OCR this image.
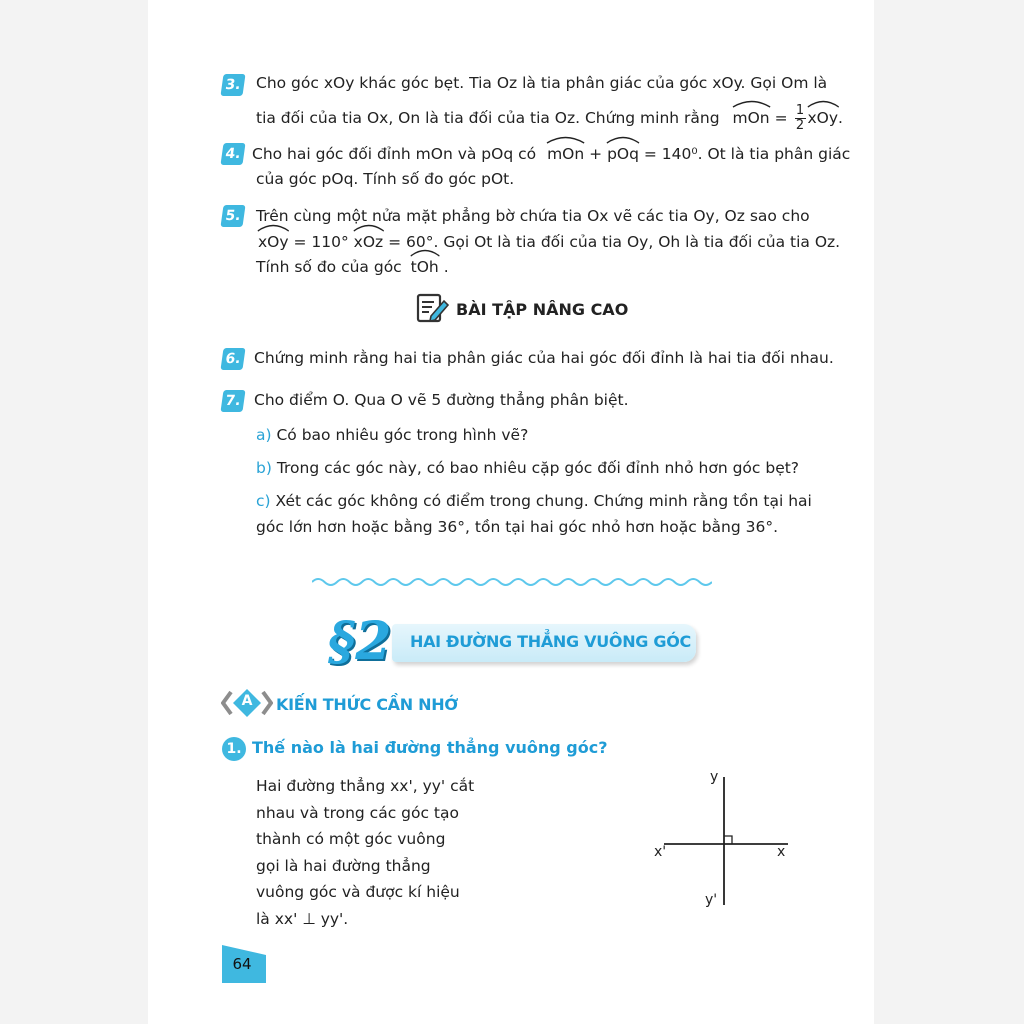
3. Cho góc xOy khác góc bẹt. Tia Oz là tia phân giác của góc xOy. Gọi Om là
tia đối của tia Ox, On là tia đối của tia Oz. Chứng minh rằng mOn = $\frac{1}{2}$ xOy.
4. Cho hai góc đối đỉnh mOn và pOq có mOn + pOq = 140⁰. Ot là tia phân giác
của góc pOq. Tính số đo góc pOt.
5. Trên cùng một nửa mặt phẳng bờ chứa tia Ox vẽ các tia Oy, Oz sao cho
xOy = 110° xOz = 60°. Gọi Ot là tia đối của tia Oy, Oh là tia đối của tia Oz.
Tính số đo của góc tOh .
BÀI TẬP NÂNG CAO
6. Chứng minh rằng hai tia phân giác của hai góc đối đỉnh là hai tia đối nhau.
7. Cho điểm O. Qua O vẽ 5 đường thẳng phân biệt.
a) Có bao nhiêu góc trong hình vẽ?
b) Trong các góc này, có bao nhiêu cặp góc đối đỉnh nhỏ hơn góc bẹt?
c) Xét các góc không có điểm trong chung. Chứng minh rằng tồn tại hai
góc lớn hơn hoặc bằng 36°, tồn tại hai góc nhỏ hơn hoặc bằng 36°.
§2 HAI ĐƯỜNG THẲNG VUÔNG GÓC
A	KIẾN THỨC CẦN NHỚ
1. Thế nào là hai đường thẳng vuông góc?
Hai đường thẳng xx', yy' cắt
nhau và trong các góc tạo
thành có một góc vuông
gọi là hai đường thẳng
vuông góc và được kí hiệu
là xx' ⊥ yy'.
y
y'
x
x'
64
